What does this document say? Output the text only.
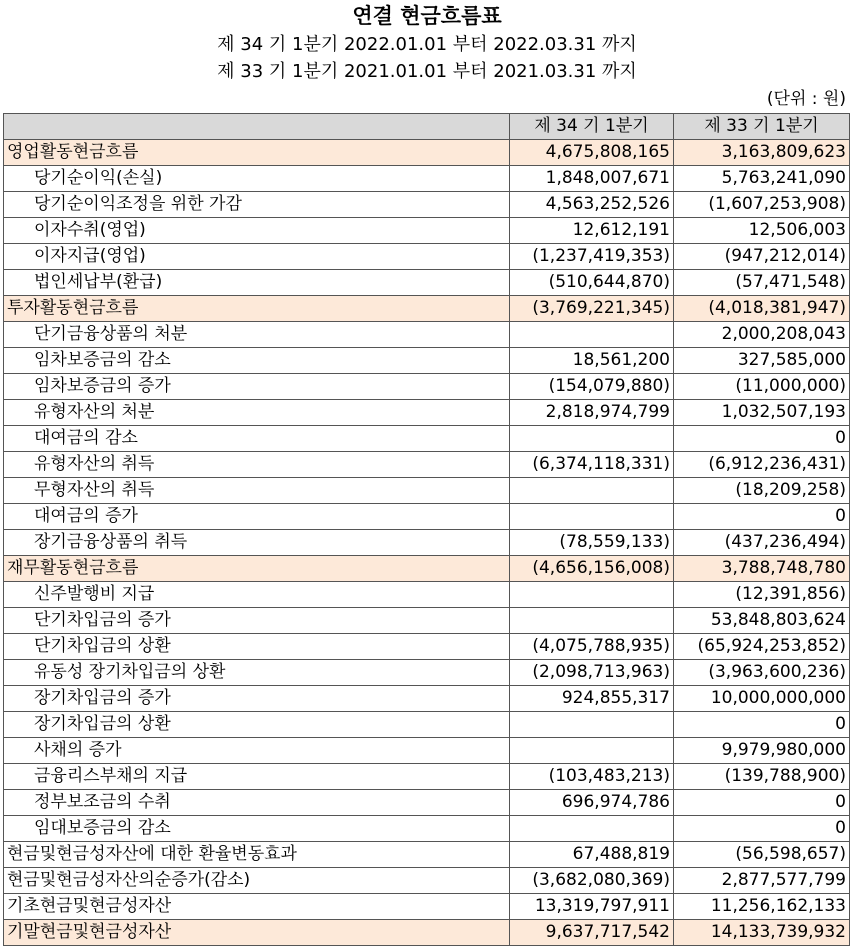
연결 현금흐름표
제 34 기 1분기 2022.01.01 부터 2022.03.31 까지
제 33 기 1분기 2021.01.01 부터 2021.03.31 까지
(단위 : 원)
	제 34 기 1분기	제 33 기 1분기
영업활동현금흐름	4,675,808,165	3,163,809,623
당기순이익(손실)	1,848,007,671	5,763,241,090
당기순이익조정을 위한 가감	4,563,252,526	(1,607,253,908)
이자수취(영업)	12,612,191	12,506,003
이자지급(영업)	(1,237,419,353)	(947,212,014)
법인세납부(환급)	(510,644,870)	(57,471,548)
투자활동현금흐름	(3,769,221,345)	(4,018,381,947)
단기금융상품의 처분		2,000,208,043
임차보증금의 감소	18,561,200	327,585,000
임차보증금의 증가	(154,079,880)	(11,000,000)
유형자산의 처분	2,818,974,799	1,032,507,193
대여금의 감소		0
유형자산의 취득	(6,374,118,331)	(6,912,236,431)
무형자산의 취득		(18,209,258)
대여금의 증가		0
장기금융상품의 취득	(78,559,133)	(437,236,494)
재무활동현금흐름	(4,656,156,008)	3,788,748,780
신주발행비 지급		(12,391,856)
단기차입금의 증가		53,848,803,624
단기차입금의 상환	(4,075,788,935)	(65,924,253,852)
유동성 장기차입금의 상환	(2,098,713,963)	(3,963,600,236)
장기차입금의 증가	924,855,317	10,000,000,000
장기차입금의 상환		0
사채의 증가		9,979,980,000
금융리스부채의 지급	(103,483,213)	(139,788,900)
정부보조금의 수취	696,974,786	0
임대보증금의 감소		0
현금및현금성자산에 대한 환율변동효과	67,488,819	(56,598,657)
현금및현금성자산의순증가(감소)	(3,682,080,369)	2,877,577,799
기초현금및현금성자산	13,319,797,911	11,256,162,133
기말현금및현금성자산	9,637,717,542	14,133,739,932
